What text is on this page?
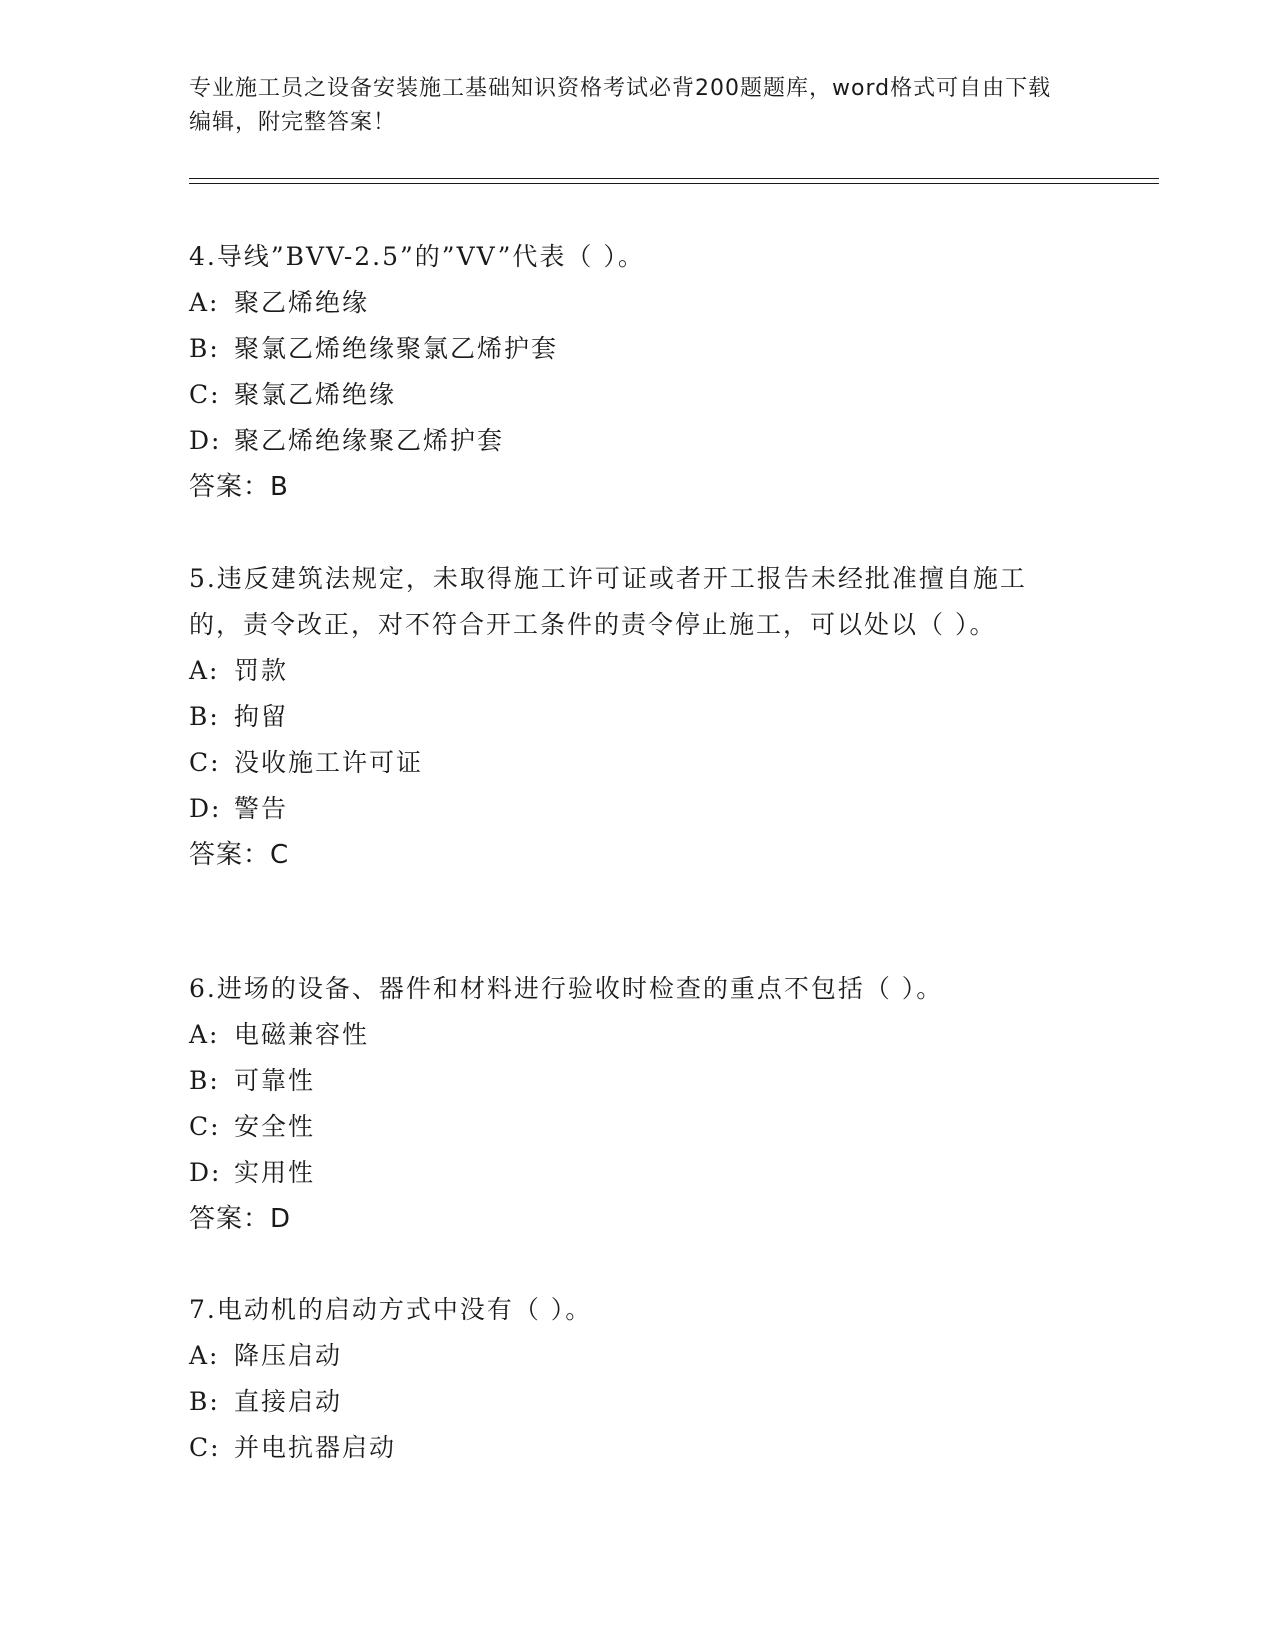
专业施工员之设备安装施工基础知识资格考试必背200题题库，word格式可自由下载编辑，附完整答案！

4.导线”BVV-2.5”的”VV”代表（ ）。

A: 聚乙烯绝缘

B: 聚氯乙烯绝缘聚氯乙烯护套

C: 聚氯乙烯绝缘

D: 聚乙烯绝缘聚乙烯护套

答案：B

5.违反建筑法规定，未取得施工许可证或者开工报告未经批准擅自施工的，责令改正，对不符合开工条件的责令停止施工，可以处以（ ）。

A: 罚款

B: 拘留

C: 没收施工许可证

D: 警告

答案：C

6.进场的设备、器件和材料进行验收时检查的重点不包括（ ）。

A: 电磁兼容性

B: 可靠性

C: 安全性

D: 实用性

答案：D

7.电动机的启动方式中没有（ ）。

A: 降压启动

B: 直接启动

C: 并电抗器启动
